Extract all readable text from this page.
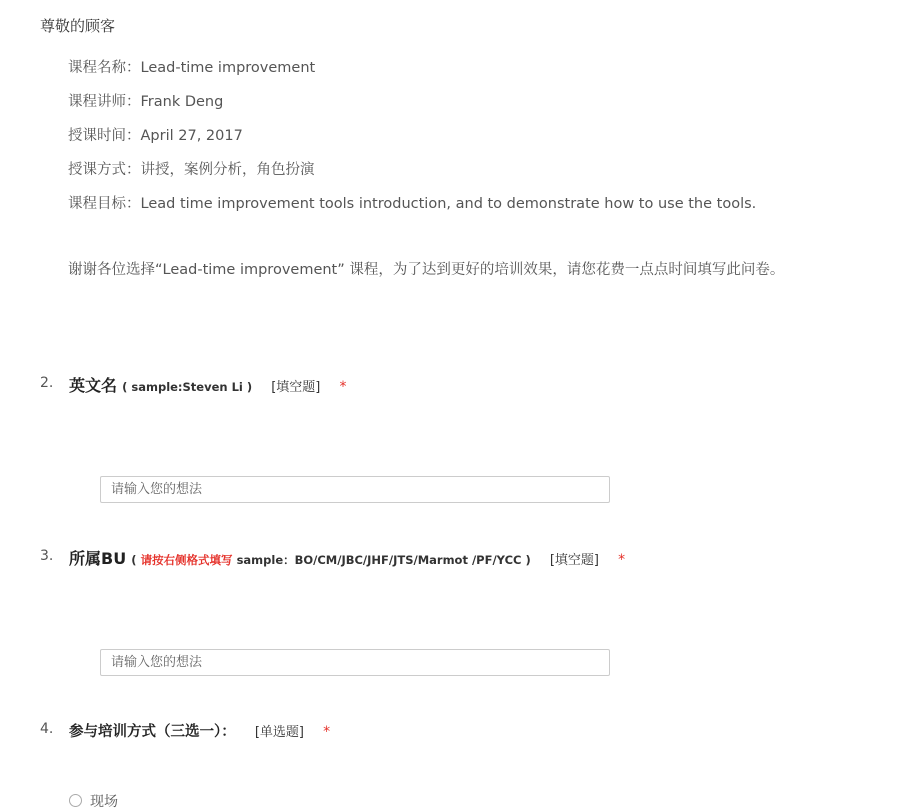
尊敬的顾客
课程名称：Lead-time improvement
课程讲师：Frank Deng
授课时间：April 27, 2017
授课方式：讲授，案例分析，角色扮演
课程目标：Lead time improvement tools introduction, and to demonstrate how to use the tools.
谢谢各位选择“Lead-time improvement” 课程，为了达到更好的培训效果，请您花费一点点时间填写此问卷。
2. 英文名 ( sample:Steven Li ) [填空题] *
请输入您的想法
3. 所属BU ( 请按右侧格式填写 sample：BO/CM/JBC/JHF/JTS/Marmot /PF/YCC ) [填空题] *
请输入您的想法
4. 参与培训方式（三选一）： [单选题] *
现场
